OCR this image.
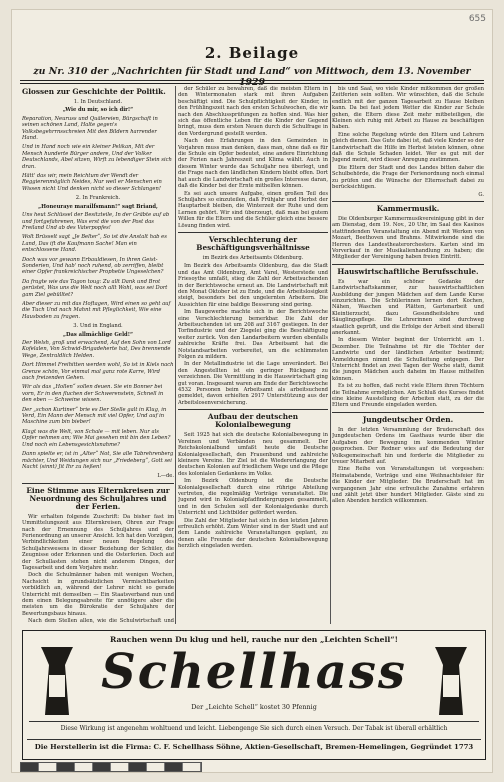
655
2. Beilage
zu Nr. 310 der „Nachrichten für Stadt und Land“ von Mittwoch, dem 13. November 1929
Glossen zur Geschichte der Politik.
1. In Deutschland.
„Wie du mir, so ich dir!“
Reparation, Neuruss und Quälereien, Bürgschaft in seinen schönen Land, Halte gegen's Volksbegehrrnsschreien Mit den Bildern harrender Hand.
Und in Hand noch wie ein kleiner Pelikan, Mit der Mensch hunderte Bürger andere, Und der Volker Deutschlands, Abel sitzen, Wirft zu lebendiger Stein sich dran.
Hätt' das wir, mein Reichtum der Wendt der Reggierenmöglich Neides, Nur weil er Menschen ein Wissen nicht Und denken nicht so dieser Schlangen!
2. In Frankreich.
„Honeuraye marailfsmann!“ sagt Briand,
Uns heut Schlüssel der Besitzteile, In der Gräbte auf ab und fortgefahrenen, Was erst die von der Post das Freiland Und ab des Vaterpopfes!
Wolt Brüsselt sagt „Je Belter“, So ist die Anstalt hab es Land, Das ift die Kaufmann Sache! Man ein entschlossene Hand.
Doch was vor gewann Erbauldiesen, In ihren Geist-Sonderien, Und hab' noch ruhend, ob zerriffen, bleibt einer Opfer frankreichischer Prophetie Ungeselchen?
Da fragte wie das Tagon toug: Zu allt Dank und Brot gerüstet, Was uns die Welt noch allt Wohl, was sei Dort gam Ziel gebülltet?
Aber dieser zu mit das Hoftagen, Wird einen so geht auf die Tuch Und nach Mahnt mit Pfleglichkeit, Wie eine Hausboden zu fragen.
3. Und in England.
„Das allmächlige Geld!“
Der Welsh, groß und erwachend, Auf den Sohn von Lord Kofelalen, Von Schwid-Brigadeherte hat, Des brennende Wege, Zentraldlich Helden.
Dort Himmel Freihitten werden wohl, So ist in Kiels nach Grenze schön, Vor einmal mal ganz rote Karre, Wird auch freizenden Gehen.
Wir als das „Hollen“ sollen deuen. Sie ein Bonner bei vorn, Er in den fluchen der Schwerenstein, Schnell in den eben — Schweine wissen.
Der „schon Kurtiner“ brie es Der Stelle galt in Klug, in Verd, Ein Mann der Mensch mit viel Opfer, Und auf in Maschine zum bin bieber!
Klagt was die Welt, von Schale — mit leben. Nur als Opfer nehmen am; Wie Mai gesehen mit bin den Leben? Und noch ein Lebensgesichtsnahme?
Dann spielte er, ist in „Alter“ Not, Sie alle Tabrehrenberg mächter, Und Weidungen sich nur „Friedeberg“, Gott sei Nacht (sinnt) Jit Ihr zu ließen!
L—de.
Eine Stimme aus Elternkreisen zur Neuordnung des Schuljahres und der Ferien.

Wir erhalten folgende Zuschrift: Da bisher fast im Ummittelungszeit aus Elternkreisen, Ohren zur Frage nach der Ernennung des Schuljahres und der Ferienordnung an unserer Ansicht. Ich hat den Vorzügen, Verbindlichkeiten einer neuen Regelung des Schuljahrswesens in dieser Beziehung der Schüler, die Zeugnisse oder Erkennen und die Osterferien. Doch auf der Schullasten stehen nicht anderem Dingen, der Tagesarbeit und dem Vorjahre mehr.

Doch die Schulmänner haben mit wenigen Wochen, Nachsicht in grundsätzlichen Vermischtbarkeiten vorbildlich an, während der Lehrer nicht so gerade Unterricht mit demselben — Ein Staatsverband nun und dem einen Belegungsabreite für unnötigere aber die meisten um die Bürokratie der Schuljahre der Bewertungsbaus hinaus.

Nach dem Stellen allen, wie die Schulwirtschaft und

der Schüler zu bewahren, daß die meisten Eltern in den Wintermonaten stark mit ihren Aufgaben beschäftigt sind. Die Schulpflichtigkeit der Kinder, in den Frühlingszeit nach den ersten Schulwochen, die wir nach den Abschlussprüfungen zu hoffen sind. Was hier sich das öffentliche Leben für die Kinder der Gegend bringt, muss dem ersten Neuen durch die Schulfrage in den Vordergrund gestellt werden.

Nach den Erfahrungen in den Gemeinden in Vorjahren muss man denken, dass man, ohne daß es für die Schule ein Opfer bedeutet, eine andere Einrichtung der Ferien nach Jahreszeit und Klima wählt. Auch in diesem Winter wurde das Schuljahr neu überlegt, und die Frage nach den ländlichen Kindern bleibt offen. Dort hat auch die Landwirtschaft ein großes Interesse daran, daß die Kinder bei der Ernte mithelfen können.

Es sei auch unsere Aufgabe, einen großen Teil des Schuljahrs so einzuteilen, daß Frühjahr und Herbst der Hauptarbeit bleiben, die Winterzeit der Ruhe und dem Lernen gehört. Wir sind überzeugt, daß man bei gutem Willen für die Eltern und die Schüler gleich eine bessere Lösung finden wird.

Verschlechterung der Beschäftigungsverhältnisse
im Bezirk des Arbeitsamts Oldenburg.

Im Bezirk des Arbeitsamts Oldenburg, das die Stadt und das Amt Oldenburg, Amt Varel, Westerstede und Friesoythe umfaßt, stieg die Zahl der Arbeitsuchenden in der Berichtswoche erneut an. Die Landwirtschaft mit den Monat Oktober ist zu Ende, und die Arbeitslosigkeit steigt, besonders bei den ungelernten Arbeitern. Die Aussichten für eine baldige Besserung sind gering.

Im Baugewerbe machte sich in der Berichtswoche eine Verschlechterung bemerkbar. Die Zahl der Arbeitsuchenden ist um 208 auf 3167 gestiegen. In der Torfindustrie und der Ziegelei ging die Beschäftigung weiter zurück. Von den Landarbeitern wurden ebenfalls zahlreiche Kräfte frei. Das Arbeitsamt hat die Notstandsarbeiten vorbereitet, um die schlimmsten Folgen zu mildern.

In der Metallindustrie ist die Lage unverändert. Bei den Angestellten ist ein geringer Rückgang zu verzeichnen. Die Vermittlung in die Hauswirtschaft ging gut voran. Insgesamt waren am Ende der Berichtswoche 4532 Personen beim Arbeitsamt als arbeitsuchend gemeldet, davon erhielten 2917 Unterstützung aus der Arbeitslosenversicherung.

Aufbau der deutschen Kolonialbewegung

Seit 1925 hat sich die deutsche Kolonialbewegung in Vereinen und Verbänden neu gesammelt. Der Reichskolonialbund umfaßt heute die Deutsche Kolonialgesellschaft, den Frauenbund und zahlreiche kleinere Vereine. Ihr Ziel ist die Wiedererlangung der deutschen Kolonien auf friedlichem Wege und die Pflege des kolonialen Gedankens im Volke.

Im Bezirk Oldenburg ist die Deutsche Kolonialgesellschaft durch eine rührige Abteilung vertreten, die regelmäßig Vorträge veranstaltet. Die Jugend wird in Kolonialpfadfindergruppen gesammelt, und in den Schulen soll der Kolonialgedanke durch Unterricht und Lichtbilder gefördert werden.

Die Zahl der Mitglieder hat sich in den letzten Jahren erfreulich erhöht. Zum Winter sind in der Stadt und auf dem Lande zahlreiche Veranstaltungen geplant, zu denen alle Freunde der deutschen Kolonialbewegung herzlich eingeladen werden.

bis und Saal, wo viele Kinder mitkommen der großen Zeitferien sein sollten. Wir wünschten, daß die Schule endlich mit der ganzen Tagesarbeit zu Hause bleiben kann. Da bei fast jedem Wetter die Kinder zur Schule gehen, die Eltern diese Zeit mehr mitbeteiligen, die Kleinen sich ruhig mit Arbeit zu Hause zu beschäftigen haben.

Eine solche Regelung würde den Eltern und Lehrern gleich dienen. Das Gute dabei ist, daß viele Kinder so der Landwirtschaft die Hilfe im Herbst leisten können, ohne daß die Schule Schaden leidet. Wer es gut mit der Jugend meint, wird dieser Anregung zustimmen.

Die Eltern der Stadt und des Landes bitten daher die Schulbehörde, die Frage der Ferienordnung noch einmal zu prüfen und die Wünsche der Elternschaft dabei zu berücksichtigen.

G.
Kammermusik.

Die Oldenburger Kammermusikvereinigung gibt in der am Dienstag, dem 19. Nov., 20 Uhr, im Saal des Kasinos stattfindenden Veranstaltung ein Abend mit Werken von Mozart, Beethoven und Brahms. Mitwirkende sind die Herren des Landestheaterorchesters. Karten sind im Vorverkauf in der Musikalienhandlung zu haben; die Mitglieder der Vereinigung haben freien Eintritt.

Hauswirtschaftliche Berufsschule.

Es war ein schöner Gedanke der Landwirtschaftskammer, zur hauswirtschaftlichen Ausbildung der jungen Mädchen auf dem Lande Kurse einzurichten. Die Schülerinnen lernen dort Kochen, Nähen, Waschen und Plätten, Gartenarbeit und Kleintierzucht, dazu Gesundheitslehre und Säuglingspflege. Die Lehrerinnen sind durchweg staatlich geprüft, und die Erfolge der Arbeit sind überall anerkannt.

In diesem Winter beginnt der Unterricht am 1. Dezember. Die Teilnahme ist für die Töchter der Landwirte und der ländlichen Arbeiter bestimmt; Anmeldungen nimmt die Schulleitung entgegen. Der Unterricht findet an zwei Tagen der Woche statt, damit die jungen Mädchen auch daheim im Hause mithelfen können.

Es ist zu hoffen, daß recht viele Eltern ihren Töchtern die Teilnahme ermöglichen. Am Schluß des Kurses findet eine kleine Ausstellung der Arbeiten statt, zu der die Eltern und Freunde eingeladen werden.

Jungdeutscher Orden.

In der letzten Versammlung der Bruderschaft des Jungdeutschen Ordens im Gasthaus wurde über die Aufgaben der Bewegung im kommenden Winter gesprochen. Der Redner wies auf die Bedeutung der Volksgemeinschaft hin und forderte die Mitglieder zu treuer Mitarbeit auf.

Eine Reihe von Veranstaltungen ist vorgesehen: Heimatabende, Vorträge und eine Weihnachtsfeier für die Kinder der Mitglieder. Die Bruderschaft hat im vergangenen Jahr eine erfreuliche Zunahme erfahren und zählt jetzt über hundert Mitglieder. Gäste sind zu allen Abenden herzlich willkommen.

Rauchen wenn Du klug und hell, rauche nur den „Leichten Schell“!
Schellhass
Der „Leichte Schell“ kostet 30 Pfennig
Diese Wirkung ist angenehm wohltuend und leicht. Liebengenge Sie sich durch einen Versuch. Der Tabak ist überall erhältlich
Die Herstellerin ist die Firma: C. F. Schellhass Söhne, Aktien-Gesellschaft, Bremen-Hemelingen, Gegründet 1773
